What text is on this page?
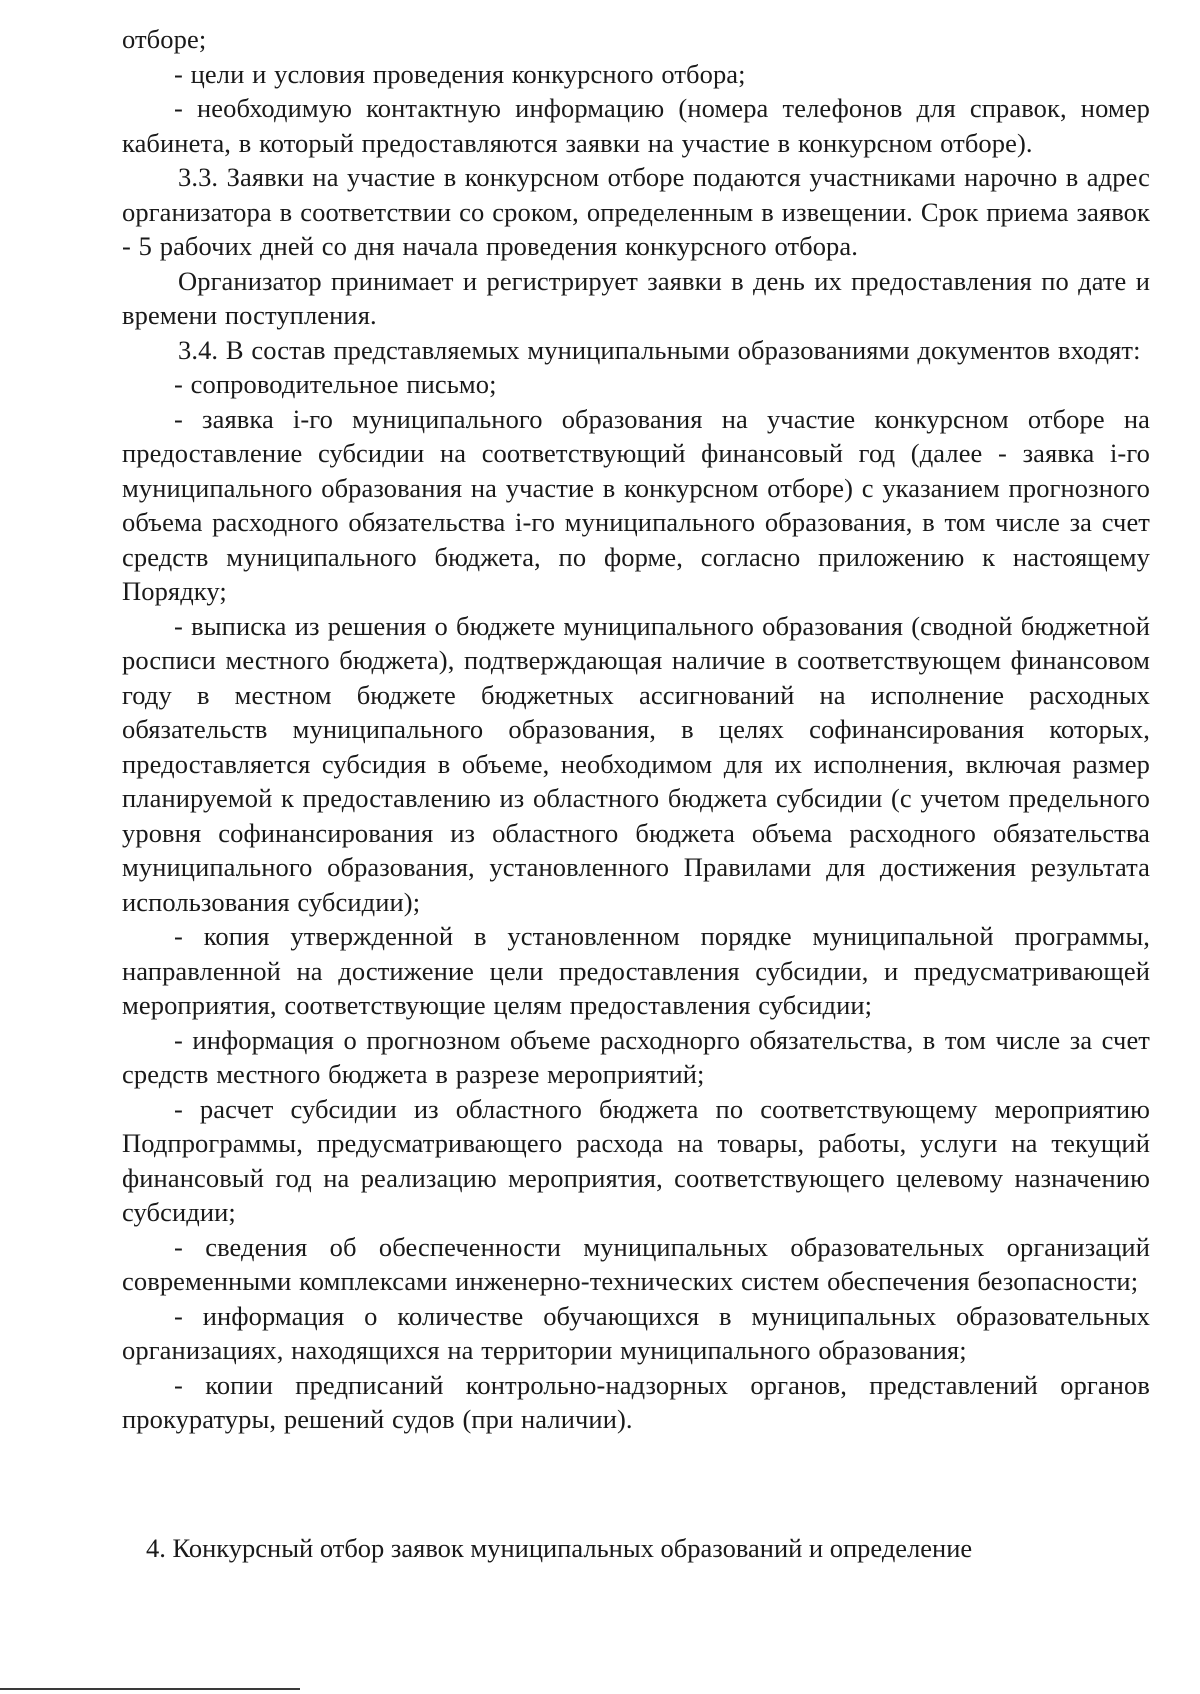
отборе;

- цели и условия проведения конкурсного отбора;

- необходимую контактную информацию (номера телефонов для справок, номер кабинета, в который предоставляются заявки на участие в конкурсном отборе).

3.3. Заявки на участие в конкурсном отборе подаются участниками нарочно в адрес организатора в соответствии со сроком, определенным в извещении. Срок приема заявок - 5 рабочих дней со дня начала проведения конкурсного отбора.

Организатор принимает и регистрирует заявки в день их предоставления по дате и времени поступления.

3.4. В состав представляемых муниципальными образованиями документов входят:

- сопроводительное письмо;

- заявка i-го муниципального образования на участие конкурсном отборе на предоставление субсидии на соответствующий финансовый год (далее - заявка i-го муниципального образования на участие в конкурсном отборе) с указанием прогнозного объема расходного обязательства i-го муниципального образования, в том числе за счет средств муниципального бюджета, по форме, согласно приложению к настоящему Порядку;

- выписка из решения о бюджете муниципального образования (сводной бюджетной росписи местного бюджета), подтверждающая наличие в соответствующем финансовом году в местном бюджете бюджетных ассигнований на исполнение расходных обязательств муниципального образования, в целях софинансирования которых, предоставляется субсидия в объеме, необходимом для их исполнения, включая размер планируемой к предоставлению из областного бюджета субсидии (с учетом предельного уровня софинансирования из областного бюджета объема расходного обязательства муниципального образования, установленного Правилами для достижения результата использования субсидии);

- копия утвержденной в установленном порядке муниципальной программы, направленной на достижение цели предоставления субсидии, и предусматривающей мероприятия, соответствующие целям предоставления субсидии;

- информация о прогнозном объеме расходнорго обязательства, в том числе за счет средств местного бюджета в разрезе мероприятий;

- расчет субсидии из областного бюджета по соответствующему мероприятию Подпрограммы, предусматривающего расхода на товары, работы, услуги на текущий финансовый год на реализацию мероприятия, соответствующего целевому назначению субсидии;

- сведения об обеспеченности муниципальных образовательных организаций современными комплексами инженерно-технических систем обеспечения безопасности;

- информация о количестве обучающихся в муниципальных образовательных организациях, находящихся на территории муниципального образования;

- копии предписаний контрольно-надзорных органов, представлений органов прокуратуры, решений судов (при наличии).

4. Конкурсный отбор заявок муниципальных образований и определение
